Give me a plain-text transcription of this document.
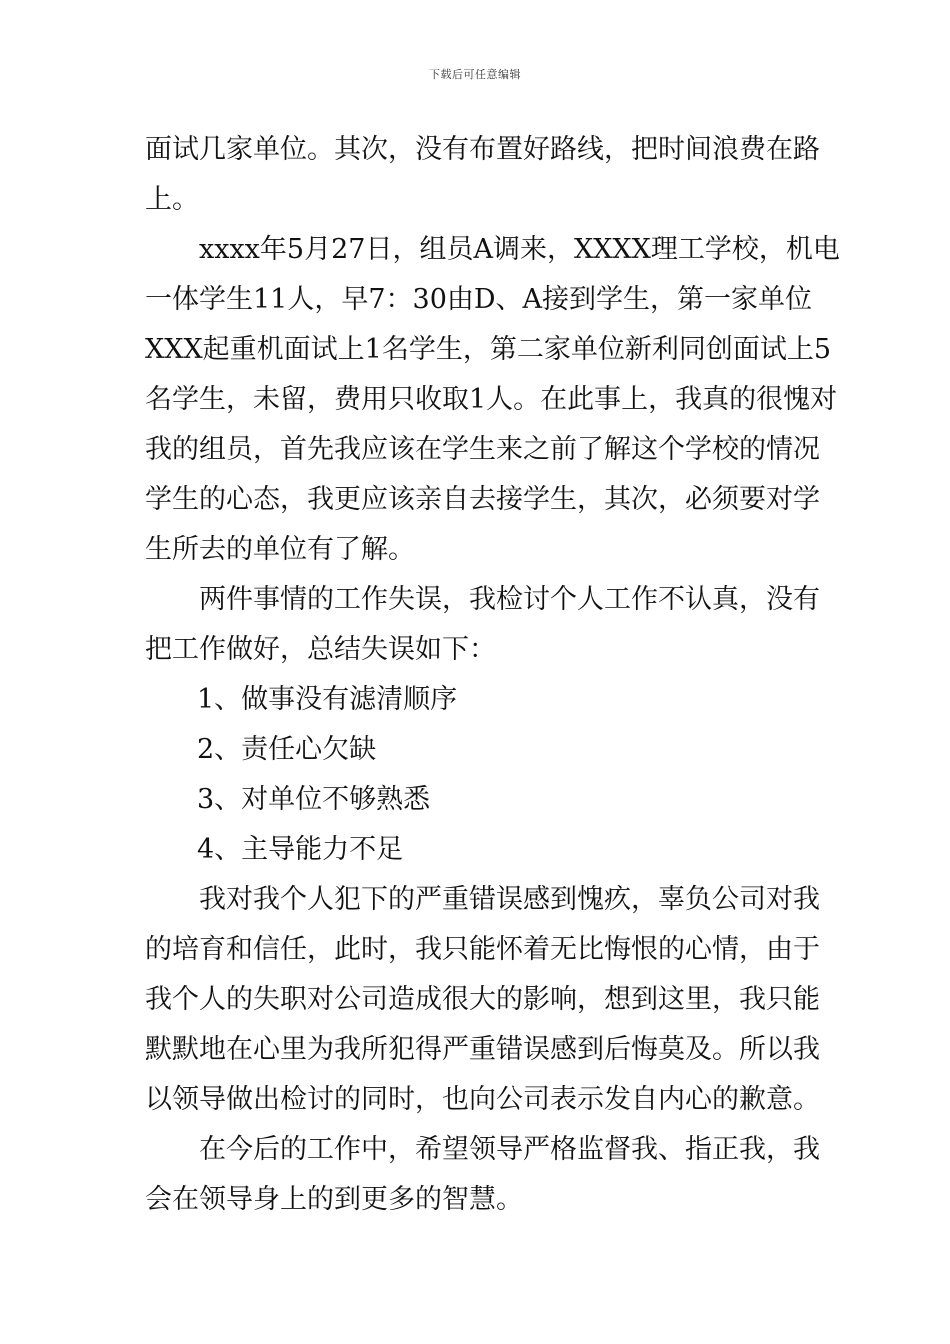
下载后可任意编辑

面试几家单位。其次，没有布置好路线，把时间浪费在路
上。

xxxx年5月27日，组员A调来，XXXX理工学校，机电
一体学生11人，早7：30由D、A接到学生，第一家单位
XXX起重机面试上1名学生，第二家单位新利同创面试上5
名学生，未留，费用只收取1人。在此事上，我真的很愧对
我的组员，首先我应该在学生来之前了解这个学校的情况
学生的心态，我更应该亲自去接学生，其次，必须要对学
生所去的单位有了解。

两件事情的工作失误，我检讨个人工作不认真，没有
把工作做好，总结失误如下：

1、做事没有滤清顺序

2、责任心欠缺

3、对单位不够熟悉

4、主导能力不足

我对我个人犯下的严重错误感到愧疚，辜负公司对我
的培育和信任，此时，我只能怀着无比悔恨的心情，由于
我个人的失职对公司造成很大的影响，想到这里，我只能
默默地在心里为我所犯得严重错误感到后悔莫及。所以我
以领导做出检讨的同时，也向公司表示发自内心的歉意。

在今后的工作中，希望领导严格监督我、指正我，我
会在领导身上的到更多的智慧。
